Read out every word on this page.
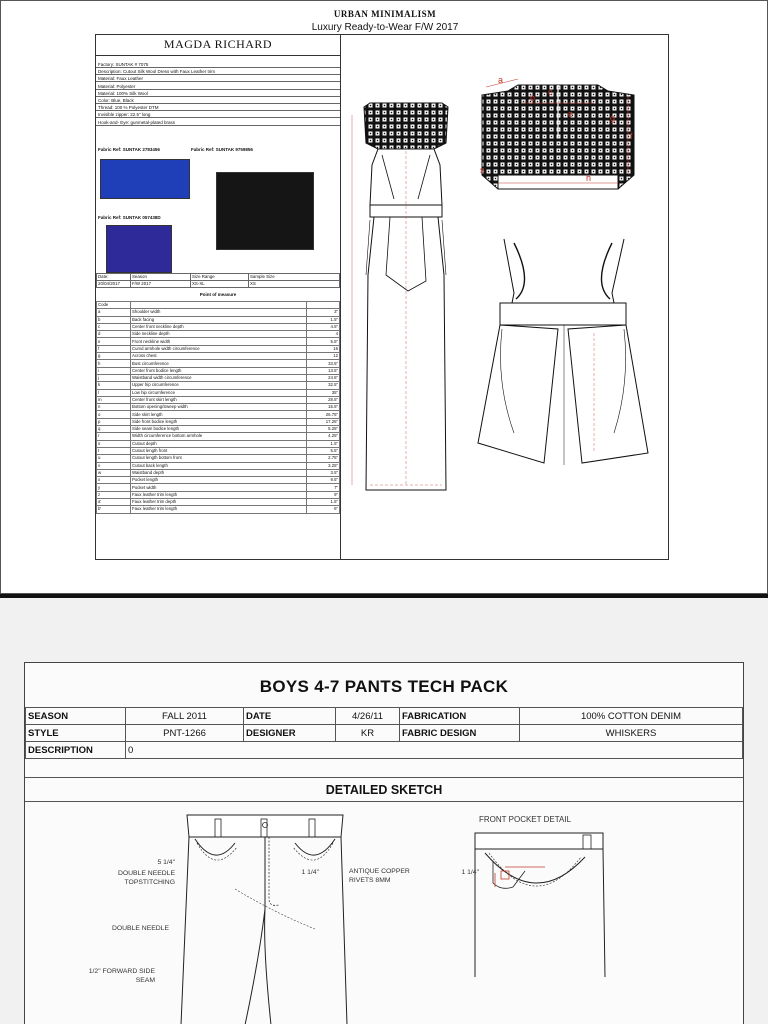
URBAN MINIMALISM
Luxury Ready-to-Wear F/W 2017
MAGDA RICHARD
Factory: SUNTAK # 7075
Description: Cutout Silk Wool Dress with Faux Leather trim
Material: Faux Leather
Material: Polyester
Material: 100% Silk Wool
Color: Blue, Black
Thread: 100 % Polyester DTM
Invisible zipper: 22.5" long
Hook-and- Eye: gunmetal-plated brass
Fabric Ref: SUNTAK 2783456	Fabric Ref: SUNTAK 9759856
Fabric Ref: SUNTAK 057438D
Date:	Season	Size Range	Sample Size
20/04/2017	F/W 2017	XS-XL	XS
Point of measure
Code		
a	Shoulder width	3"
b	Back facing	1.5"
c	Center front neckline depth	4.5"
d	Side neckline depth	4
e	Front neckline width	5.5"
f	Curvd armhole width circumference	16
g	Across chest	12
h	Bust circumference	33.5"
i	Center front bodice length	13.5"
j	Waistband width circumference	24.5"
k	Upper hip circumference	32.5"
l	Low hip circumference	35"
m	Center front skirt length	28.5"
n	Bottom opening/Sweep width	15.5"
o	Side skirt length	26.75"
p	Side front bodice length	17.25"
q	Side seam bodice length	5.25"
r	Width circumference bottom armhole	4.25"
s	Cutout depth	1.5"
t	Cutout length front	5.5"
u	Cutout length bottom front	2.75"
v	Cutout back length	3.25"
w	Waistband depth	3.5"
x	Pocket length	9.5"
y	Pocket width	7"
z	Faux leather trim length	9"
a'	Faux leather trim depth	1.5"
b'	Faux leather trim length	6"
a
b
c
e
f
g
h
s
BOYS 4-7 PANTS TECH PACK
SEASON	FALL 2011	DATE	4/26/11	FABRICATION	100% COTTON DENIM
STYLE	PNT-1266	DESIGNER	KR	FABRIC DESIGN	WHISKERS
DESCRIPTION	0				
DETAILED SKETCH
5 1/4"
DOUBLE NEEDLE TOPSTITCHING
1 1/4"	ANTIQUE COPPER RIVETS 8MM
DOUBLE NEEDLE
1/2" FORWARD SIDE SEAM
FRONT POCKET DETAIL
1 1/4"
